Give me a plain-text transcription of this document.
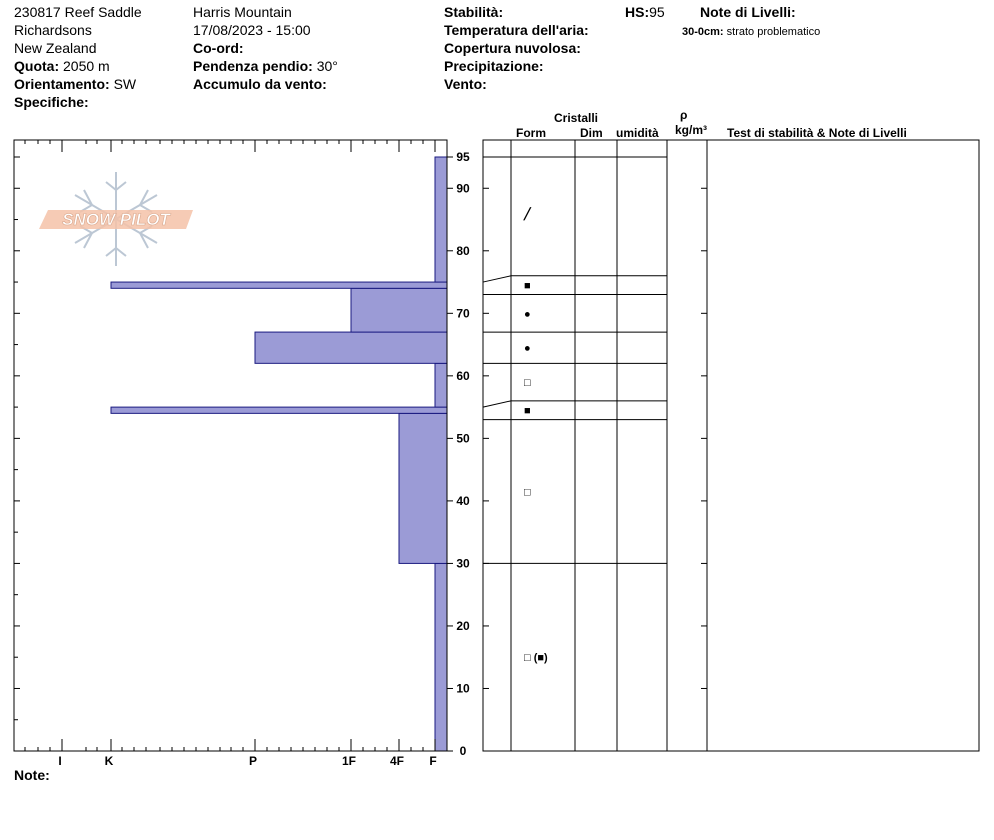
230817 Reef Saddle
Richardsons
New Zealand
Quota: 2050 m
Orientamento: SW
Specifiche:
Harris Mountain
17/08/2023 - 15:00
Co-ord:
Pendenza pendio: 30°
Accumulo da vento:
Stabilità:
Temperatura dell'aria:
Copertura nuvolosa:
Precipitazione:
Vento:
HS:95	Note di Livelli:
30-0cm: strato problematico
Cristalli
Form	Dim umidità
ρ
kg/m³ Test di stabilità & Note di Livelli
Note:
SNOW PILOT
0
10
20
30
40
50
60
70
80
90
95
I	K	P	1F	4F F
╱
■
●
●
□
■
□
□ (■)
